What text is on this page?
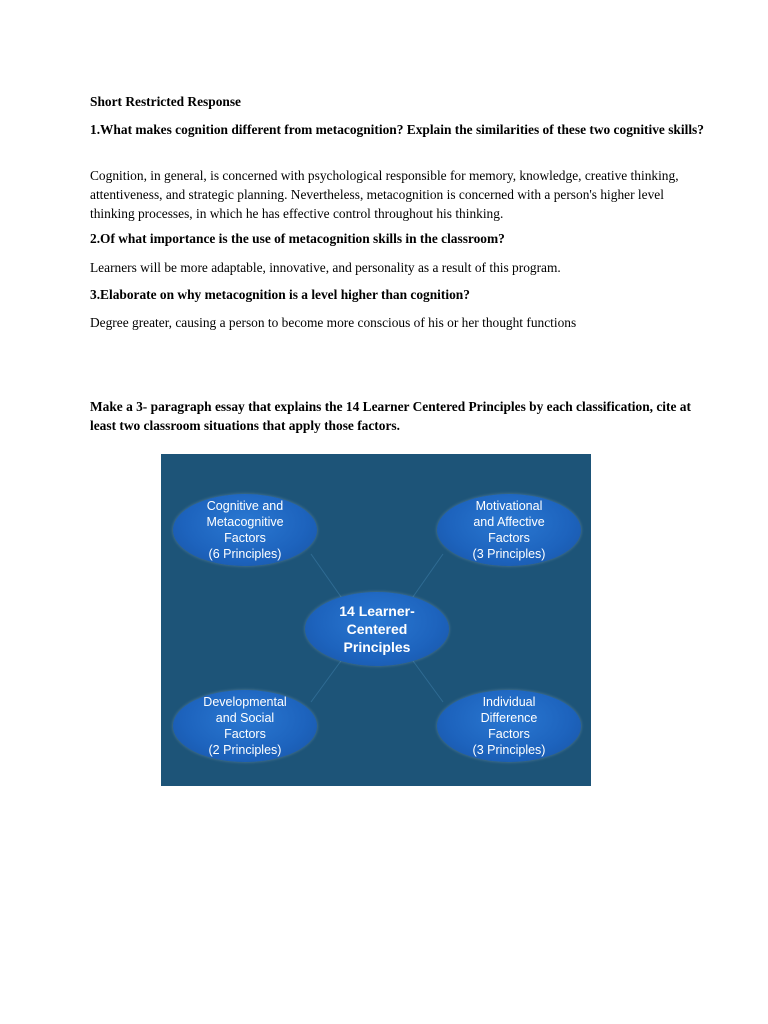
Short Restricted Response

1.What makes cognition different from metacognition? Explain the similarities of these two cognitive skills?

Cognition, in general, is concerned with psychological responsible for memory, knowledge, creative thinking, attentiveness, and strategic planning. Nevertheless, metacognition is concerned with a person's higher level thinking processes, in which he has effective control throughout his thinking.

2.Of what importance is the use of metacognition skills in the classroom?

Learners will be more adaptable, innovative, and personality as a result of this program.

3.Elaborate on why metacognition is a level higher than cognition?

Degree greater, causing a person to become more conscious of his or her thought functions

Make a 3- paragraph essay that explains the 14 Learner Centered Principles by each classification, cite at least two classroom situations that apply those factors.

Cognitive and
Metacognitive
Factors
(6 Principles)
Motivational
and Affective
Factors
(3 Principles)
14 Learner-
Centered
Principles
Developmental
and Social
Factors
(2 Principles)
Individual
Difference
Factors
(3 Principles)
